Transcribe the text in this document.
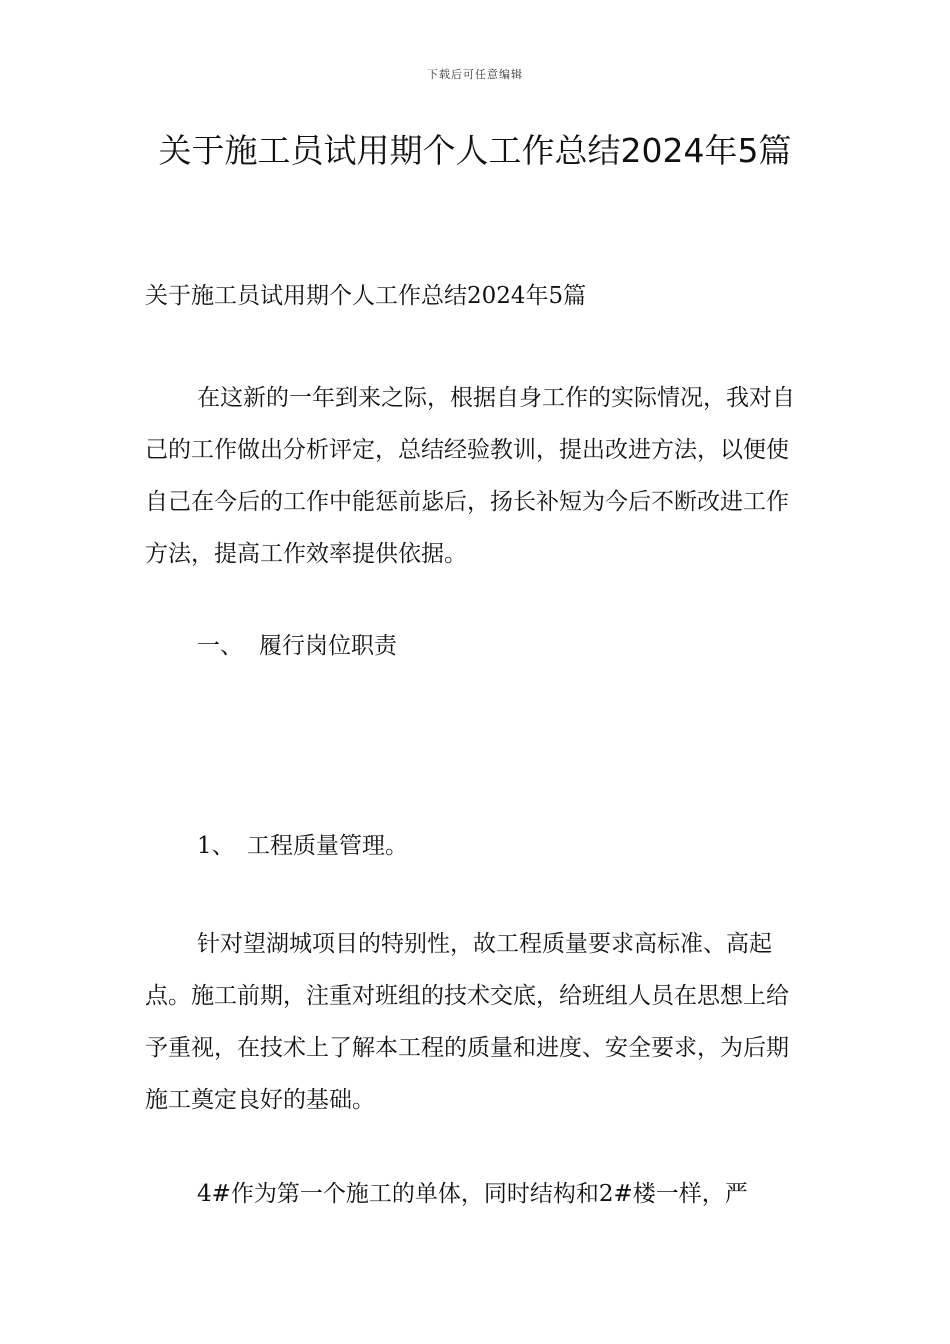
下载后可任意编辑
关于施工员试用期个人工作总结2024年5篇

关于施工员试用期个人工作总结2024年5篇

在这新的一年到来之际，根据自身工作的实际情况，我对自己的工作做出分析评定，总结经验教训，提出改进方法，以便使自己在今后的工作中能惩前毖后，扬长补短为今后不断改进工作方法，提高工作效率提供依据。

一、 履行岗位职责
1、 工程质量管理。

针对望湖城项目的特别性，故工程质量要求高标准、高起点。施工前期，注重对班组的技术交底，给班组人员在思想上给予重视，在技术上了解本工程的质量和进度、安全要求，为后期施工奠定良好的基础。

4#作为第一个施工的单体，同时结构和2#楼一样，严
